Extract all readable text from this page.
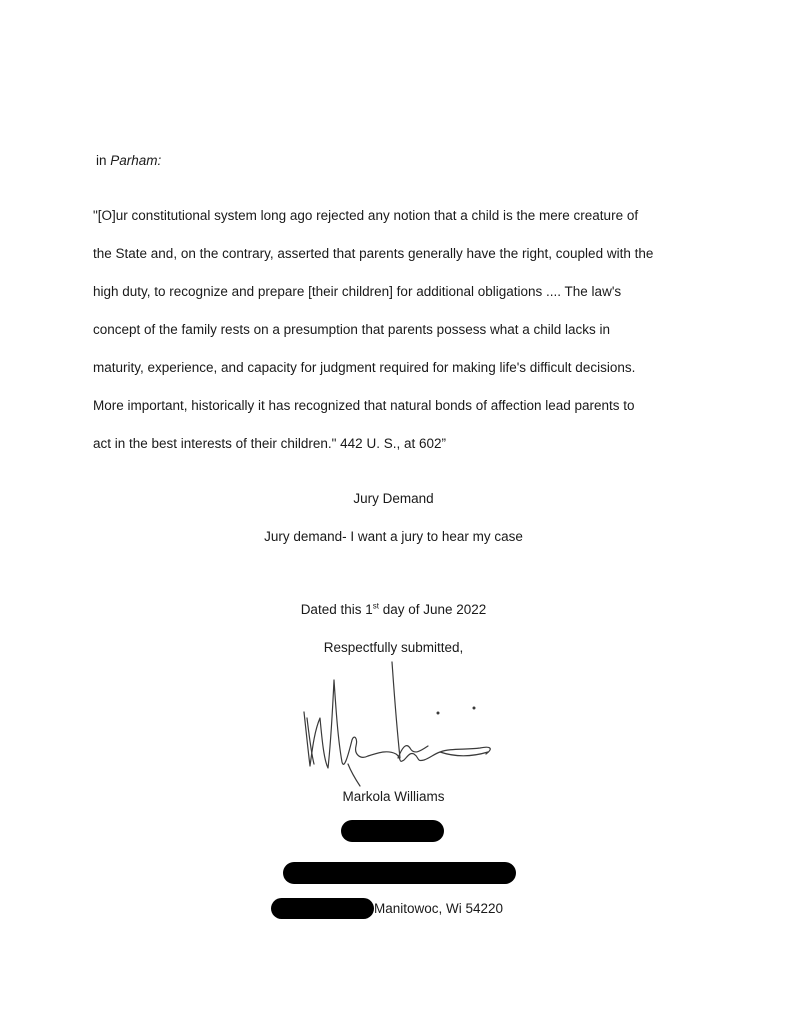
in Parham:
"[O]ur constitutional system long ago rejected any notion that a child is the mere creature of
the State and, on the contrary, asserted that parents generally have the right, coupled with the
high duty, to recognize and prepare [their children] for additional obligations .... The law's
concept of the family rests on a presumption that parents possess what a child lacks in
maturity, experience, and capacity for judgment required for making life's difficult decisions.
More important, historically it has recognized that natural bonds of affection lead parents to
act in the best interests of their children." 442 U. S., at 602”
Jury Demand
Jury demand- I want a jury to hear my case
Dated this 1st day of June 2022
Respectfully submitted,
Markola Williams
Manitowoc, Wi 54220
